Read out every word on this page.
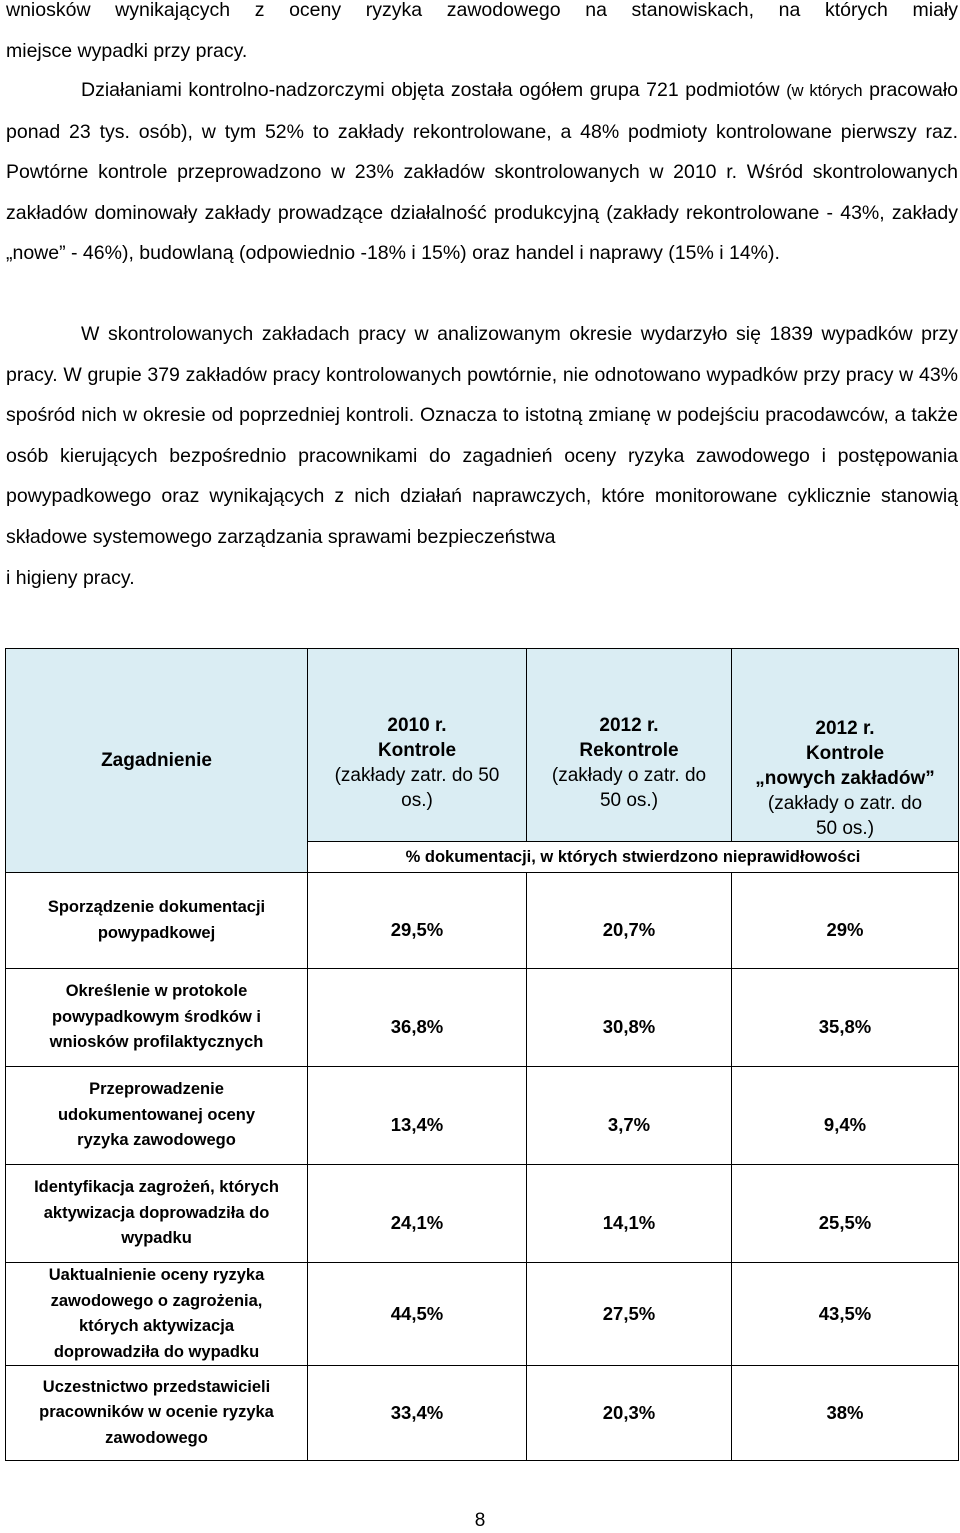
wniosków wynikających z oceny ryzyka zawodowego na stanowiskach, na których miały
miejsce wypadki przy pracy.

Działaniami kontrolno-nadzorczymi objęta została ogółem grupa 721 podmiotów (w których pracowało ponad 23 tys. osób), w tym 52% to zakłady rekontrolowane, a 48% podmioty kontrolowane pierwszy raz. Powtórne kontrole przeprowadzono w 23% zakładów skontrolowanych w 2010 r. Wśród skontrolowanych zakładów dominowały zakłady prowadzące działalność produkcyjną (zakłady rekontrolowane - 43%, zakłady „nowe” - 46%), budowlaną (odpowiednio -18% i 15%) oraz handel i naprawy (15% i 14%).

W skontrolowanych zakładach pracy w analizowanym okresie wydarzyło się 1839 wypadków przy pracy. W grupie 379 zakładów pracy kontrolowanych powtórnie, nie odnotowano wypadków przy pracy w 43% spośród nich w okresie od poprzedniej kontroli. Oznacza to istotną zmianę w podejściu pracodawców, a także osób kierujących bezpośrednio pracownikami do zagadnień oceny ryzyka zawodowego i postępowania powypadkowego oraz wynikających z nich działań naprawczych, które monitorowane cyklicznie stanowią składowe systemowego zarządzania sprawami bezpieczeństwa
i higieny pracy.

Zagadnienie	2010 r.
Kontrole
(zakłady zatr. do 50
os.)	2012 r.
Rekontrole
(zakłady o zatr. do
50 os.)	2012 r.
Kontrole
„nowych zakładów”
(zakłady o zatr. do
50 os.)
	% dokumentacji, w których stwierdzono nieprawidłowości		
Sporządzenie dokumentacji powypadkowej	29,5%	20,7%	29%
Określenie w protokole powypadkowym środków i wniosków profilaktycznych	36,8%	30,8%	35,8%
Przeprowadzenie udokumentowanej oceny ryzyka zawodowego	13,4%	3,7%	9,4%
Identyfikacja zagrożeń, których aktywizacja doprowadziła do wypadku	24,1%	14,1%	25,5%
Uaktualnienie oceny ryzyka zawodowego o zagrożenia, których aktywizacja doprowadziła do wypadku	44,5%	27,5%	43,5%
Uczestnictwo przedstawicieli pracowników w ocenie ryzyka zawodowego	33,4%	20,3%	38%
8
